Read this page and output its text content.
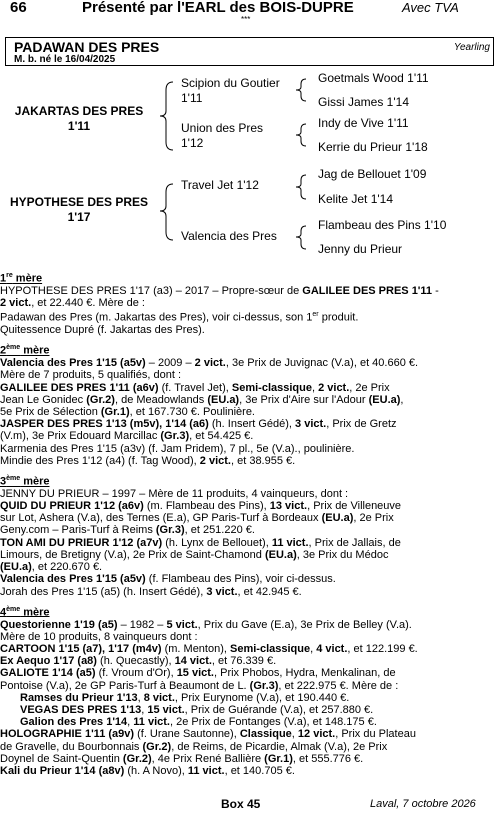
66	Présenté par l'EARL des BOIS-DUPRE	Avec TVA
***
PADAWAN DES PRES	Yearling
M. b. né le 16/04/2025
JAKARTAS DES PRES
1'11
HYPOTHESE DES PRES
1'17
Scipion du Goutier
1'11
Union des Pres
1'12
Travel Jet 1'12
Valencia des Pres
Goetmals Wood 1'11
Gissi James 1'14
Indy de Vive 1'11
Kerrie du Prieur 1'18
Jag de Bellouet 1'09
Kelite Jet 1'14
Flambeau des Pins 1'10
Jenny du Prieur

1re mère

HYPOTHESE DES PRES 1'17 (a3) – 2017 – Propre-sœur de GALILEE DES PRES 1'11 -

2 vict., et 22.440 €. Mère de :

Padawan des Pres (m. Jakartas des Pres), voir ci-dessus, son 1er produit.

Quitessence Dupré (f. Jakartas des Pres).

2ème mère

Valencia des Pres 1'15 (a5v) – 2009 – 2 vict., 3e Prix de Juvignac (V.a), et 40.660 €.

Mère de 7 produits, 5 qualifiés, dont :

GALILEE DES PRES 1'11 (a6v) (f. Travel Jet), Semi-classique, 2 vict., 2e Prix

Jean Le Gonidec (Gr.2), de Meadowlands (EU.a), 3e Prix d'Aire sur l'Adour (EU.a),

5e Prix de Sélection (Gr.1), et 167.730 €. Poulinière.

JASPER DES PRES 1'13 (m5v), 1'14 (a6) (h. Insert Gédé), 3 vict., Prix de Gretz

(V.m), 3e Prix Edouard Marcillac (Gr.3), et 54.425 €.

Karmenia des Pres 1'15 (a3v) (f. Jam Pridem), 7 pl., 5e (V.a)., poulinière.

Mindie des Pres 1'12 (a4) (f. Tag Wood), 2 vict., et 38.955 €.

3ème mère

JENNY DU PRIEUR – 1997 – Mère de 11 produits, 4 vainqueurs, dont :

QUID DU PRIEUR 1'12 (a6v) (m. Flambeau des Pins), 13 vict., Prix de Villeneuve

sur Lot, Ashera (V.a), des Ternes (E.a), GP Paris-Turf à Bordeaux (EU.a), 2e Prix

Geny.com – Paris-Turf à Reims (Gr.3), et 251.220 €.

TON AMI DU PRIEUR 1'12 (a7v) (h. Lynx de Bellouet), 11 vict., Prix de Jallais, de

Limours, de Bretigny (V.a), 2e Prix de Saint-Chamond (EU.a), 3e Prix du Médoc

(EU.a), et 220.670 €.

Valencia des Pres 1'15 (a5v) (f. Flambeau des Pins), voir ci-dessus.

Jorah des Pres 1'15 (a5) (h. Insert Gédé), 3 vict., et 42.945 €.

4ème mère

Questorienne 1'19 (a5) – 1982 – 5 vict., Prix du Gave (E.a), 3e Prix de Belley (V.a).

Mère de 10 produits, 8 vainqueurs dont :

CARTOON 1'15 (a7), 1'17 (m4v) (m. Menton), Semi-classique, 4 vict., et 122.199 €.

Ex Aequo 1'17 (a8) (h. Quecastly), 14 vict., et 76.339 €.

GALIOTE 1'14 (a5) (f. Vroum d'Or), 15 vict., Prix Phobos, Hydra, Menkalinan, de

Pontoise (V.a), 2e GP Paris-Turf à Beaumont de L. (Gr.3), et 222.975 €. Mère de :

Ramses du Prieur 1'13, 8 vict., Prix Eurynome (V.a), et 190.440 €.

VEGAS DES PRES 1'13, 15 vict., Prix de Guérande (V.a), et 257.880 €.

Galion des Pres 1'14, 11 vict., 2e Prix de Fontanges (V.a), et 148.175 €.

HOLOGRAPHIE 1'11 (a9v) (f. Urane Sautonne), Classique, 12 vict., Prix du Plateau

de Gravelle, du Bourbonnais (Gr.2), de Reims, de Picardie, Almak (V.a), 2e Prix

Doynel de Saint-Quentin (Gr.2), 4e Prix René Ballière (Gr.1), et 555.776 €.

Kali du Prieur 1'14 (a8v) (h. A Novo), 11 vict., et 140.705 €.

Box 45	Laval, 7 octobre 2026
